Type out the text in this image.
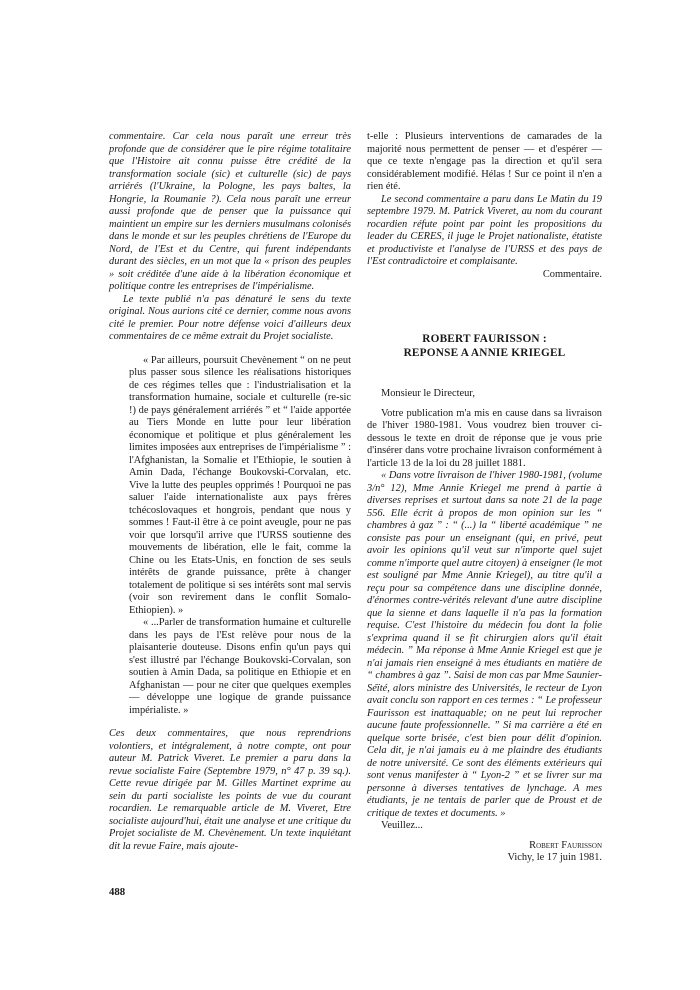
commentaire. Car cela nous paraît une erreur très profonde que de considérer que le pire régime totalitaire que l'Histoire ait connu puisse être crédité de la transformation sociale (sic) et culturelle (sic) de pays arriérés (l'Ukraine, la Pologne, les pays baltes, la Hongrie, la Roumanie ?). Cela nous paraît une erreur aussi profonde que de penser que la puissance qui maintient un empire sur les derniers musulmans colonisés dans le monde et sur les peuples chrétiens de l'Europe du Nord, de l'Est et du Centre, qui furent indépendants durant des siècles, en un mot que la « prison des peuples » soit créditée d'une aide à la libération économique et politique contre les entreprises de l'impérialisme.

Le texte publié n'a pas dénaturé le sens du texte original. Nous aurions cité ce dernier, comme nous avons cité le premier. Pour notre défense voici d'ailleurs deux commentaires de ce même extrait du Projet socialiste.

« Par ailleurs, poursuit Chevènement “ on ne peut plus passer sous silence les réalisations historiques de ces régimes telles que : l'industrialisation et la transformation humaine, sociale et culturelle (re-sic !) de pays généralement arriérés ” et “ l'aide apportée au Tiers Monde en lutte pour leur libération économique et politique et plus généralement les limites imposées aux entreprises de l'impérialisme ” : l'Afghanistan, la Somalie et l'Ethiopie, le soutien à Amin Dada, l'échange Boukovski-Corvalan, etc. Vive la lutte des peuples opprimés ! Pourquoi ne pas saluer l'aide internationaliste aux pays frères tchécoslovaques et hongrois, pendant que nous y sommes ! Faut-il être à ce point aveugle, pour ne pas voir que lorsqu'il arrive que l'URSS soutienne des mouvements de libération, elle le fait, comme la Chine ou les Etats-Unis, en fonction de ses seuls intérêts de grande puissance, prête à changer totalement de politique si ses intérêts sont mal servis (voir son revirement dans le conflit Somalo-Ethiopien). »

« ...Parler de transformation humaine et culturelle dans les pays de l'Est relève pour nous de la plaisanterie douteuse. Disons enfin qu'un pays qui s'est illustré par l'échange Boukovski-Corvalan, son soutien à Amin Dada, sa politique en Ethiopie et en Afghanistan — pour ne citer que quelques exemples — développe une logique de grande puissance impérialiste. »

Ces deux commentaires, que nous reprendrions volontiers, et intégralement, à notre compte, ont pour auteur M. Patrick Viveret. Le premier a paru dans la revue socialiste Faire (Septembre 1979, n° 47 p. 39 sq.). Cette revue dirigée par M. Gilles Martinet exprime au sein du parti socialiste les points de vue du courant rocardien. Le remarquable article de M. Viveret, Etre socialiste aujourd'hui, était une analyse et une critique du Projet socialiste de M. Chevènement. Un texte inquiétant dit la revue Faire, mais ajoute-

t-elle : Plusieurs interventions de camarades de la majorité nous permettent de penser — et d'espérer — que ce texte n'engage pas la direction et qu'il sera considérablement modifié. Hélas ! Sur ce point il n'en a rien été.

Le second commentaire a paru dans Le Matin du 19 septembre 1979. M. Patrick Viveret, au nom du courant rocardien réfute point par point les propositions du leader du CERES, il juge le Projet nationaliste, étatiste et productiviste et l'analyse de l'URSS et des pays de l'Est contradictoire et complaisante.

Commentaire.

ROBERT FAURISSON :

REPONSE A ANNIE KRIEGEL

Monsieur le Directeur,

Votre publication m'a mis en cause dans sa livraison de l'hiver 1980-1981. Vous voudrez bien trouver ci-dessous le texte en droit de réponse que je vous prie d'insérer dans votre prochaine livraison conformément à l'article 13 de la loi du 28 juillet 1881.

« Dans votre livraison de l'hiver 1980-1981, (volume 3/n° 12), Mme Annie Kriegel me prend à partie à diverses reprises et surtout dans sa note 21 de la page 556. Elle écrit à propos de mon opinion sur les “ chambres à gaz ” : “ (...) la “ liberté académique ” ne consiste pas pour un enseignant (qui, en privé, peut avoir les opinions qu'il veut sur n'importe quel sujet comme n'importe quel autre citoyen) à enseigner (le mot est souligné par Mme Annie Kriegel), au titre qu'il a reçu pour sa compétence dans une discipline donnée, d'énormes contre-vérités relevant d'une autre discipline que la sienne et dans laquelle il n'a pas la formation requise. C'est l'histoire du médecin fou dont la folie s'exprima quand il se fit chirurgien alors qu'il était médecin. ” Ma réponse à Mme Annie Kriegel est que je n'ai jamais rien enseigné à mes étudiants en matière de “ chambres à gaz ”. Saisi de mon cas par Mme Saunier-Séïté, alors ministre des Universités, le recteur de Lyon avait conclu son rapport en ces termes : “ Le professeur Faurisson est inattaquable; on ne peut lui reprocher aucune faute professionnelle. ” Si ma carrière a été en quelque sorte brisée, c'est bien pour délit d'opinion. Cela dit, je n'ai jamais eu à me plaindre des étudiants de notre université. Ce sont des éléments extérieurs qui sont venus manifester à “ Lyon-2 ” et se livrer sur ma personne à diverses tentatives de lynchage. A mes étudiants, je ne tentais de parler que de Proust et de critique de textes et documents. »

Veuillez...

Robert Faurisson

Vichy, le 17 juin 1981.

488
